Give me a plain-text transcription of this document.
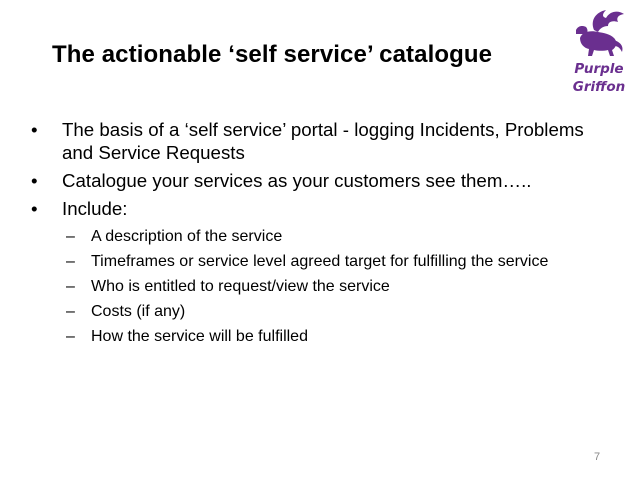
The actionable ‘self service’ catalogue
Purple
Griffon
• The basis of a ‘self service’ portal - logging Incidents, Problems and Service Requests
• Catalogue your services as your customers see them…..
• Include:
– A description of the service
– Timeframes or service level agreed target for fulfilling the service
– Who is entitled to request/view the service
– Costs (if any)
– How the service will be fulfilled
7
